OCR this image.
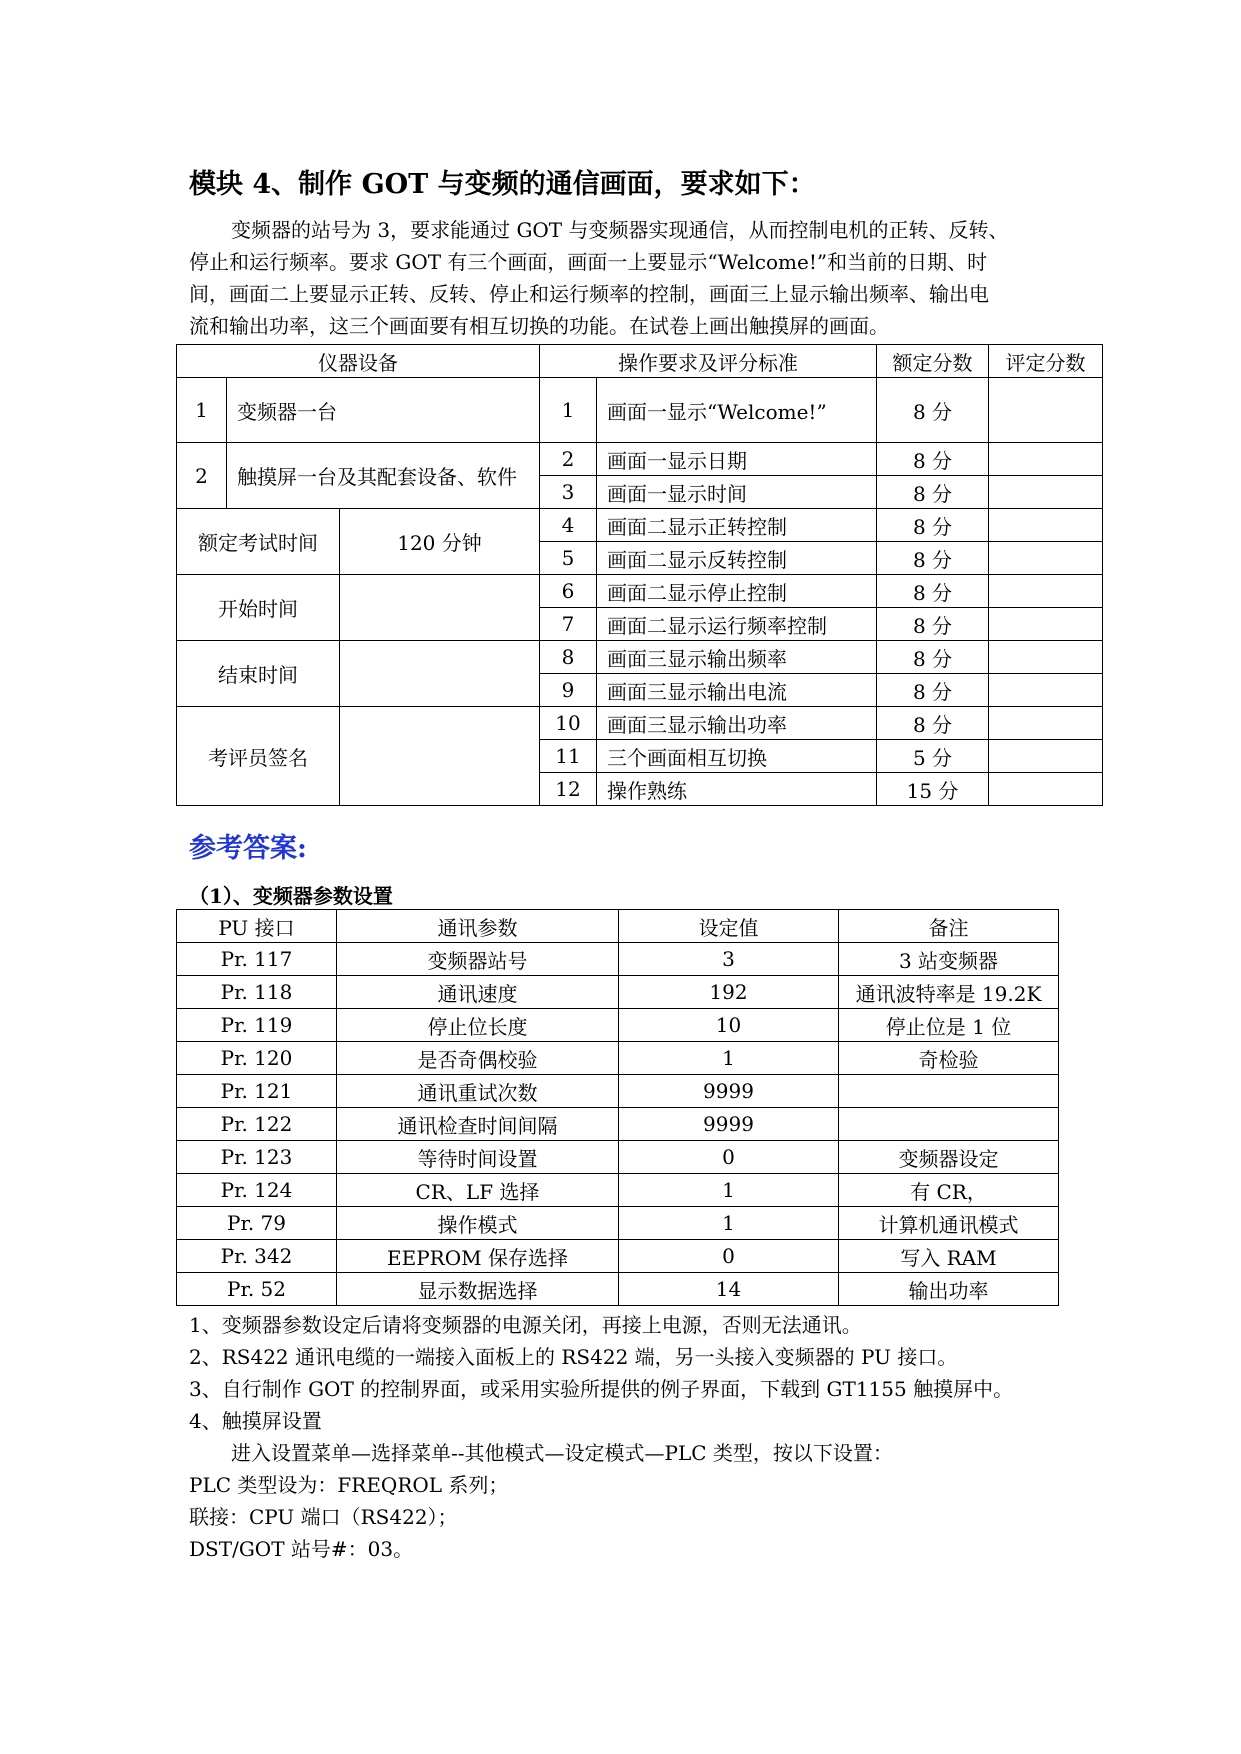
模块 4、制作 GOT 与变频的通信画面，要求如下：
变频器的站号为 3，要求能通过 GOT 与变频器实现通信，从而控制电机的正转、反转、
停止和运行频率。要求 GOT 有三个画面，画面一上要显示“Welcome!”和当前的日期、时
间，画面二上要显示正转、反转、停止和运行频率的控制，画面三上显示输出频率、输出电
流和输出功率，这三个画面要有相互切换的功能。在试卷上画出触摸屏的画面。
仪器设备			操作要求及评分标准		额定分数	评定分数
1	变频器一台		1	画面一显示“Welcome!”	8 分	
2	触摸屏一台及其配套设备、软件		2	画面一显示日期	8 分	
			3	画面一显示时间	8 分	
额定考试时间		120 分钟	4	画面二显示正转控制	8 分	
			5	画面二显示反转控制	8 分	
开始时间			6	画面二显示停止控制	8 分	
			7	画面二显示运行频率控制	8 分	
结束时间			8	画面三显示输出频率	8 分	
			9	画面三显示输出电流	8 分	
考评员签名			10	画面三显示输出功率	8 分	
			11	三个画面相互切换	5 分	
			12	操作熟练	15 分	
参考答案:
（1）、变频器参数设置
PU 接口	通讯参数	设定值	备注
Pr. 117	变频器站号	3	3 站变频器
Pr. 118	通讯速度	192	通讯波特率是 19.2K
Pr. 119	停止位长度	10	停止位是 1 位
Pr. 120	是否奇偶校验	1	奇检验
Pr. 121	通讯重试次数	9999	
Pr. 122	通讯检查时间间隔	9999	
Pr. 123	等待时间设置	0	变频器设定
Pr. 124	CR、LF 选择	1	有 CR，
Pr. 79	操作模式	1	计算机通讯模式
Pr. 342	EEPROM 保存选择	0	写入 RAM
Pr. 52	显示数据选择	14	输出功率
1、变频器参数设定后请将变频器的电源关闭，再接上电源，否则无法通讯。
2、RS422 通讯电缆的一端接入面板上的 RS422 端，另一头接入变频器的 PU 接口。
3、自行制作 GOT 的控制界面，或采用实验所提供的例子界面，下载到 GT1155 触摸屏中。
4、触摸屏设置
进入设置菜单—选择菜单--其他模式—设定模式—PLC 类型，按以下设置：
PLC 类型设为：FREQROL 系列；
联接：CPU 端口（RS422）；
DST/GOT 站号#：03。
